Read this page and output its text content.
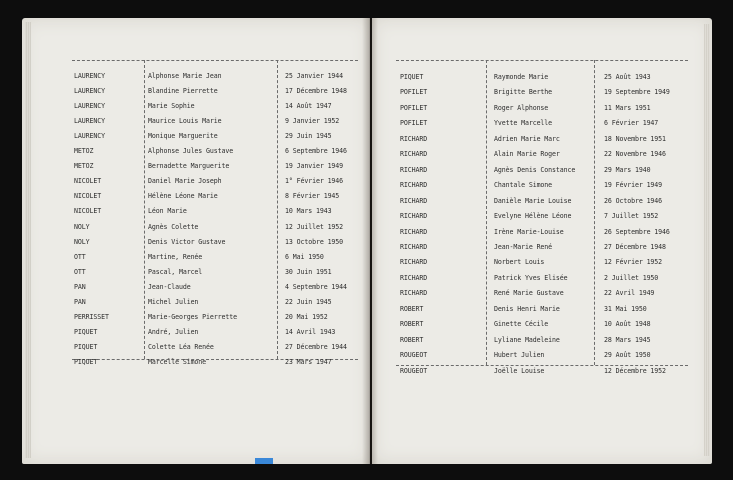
LAURENCY	Alphonse Marie Jean	25 Janvier 1944
LAURENCY	Blandine Pierrette	17 Décembre 1948
LAURENCY	Marie Sophie	14 Août 1947
LAURENCY	Maurice Louis Marie	9 Janvier 1952
LAURENCY	Monique Marguerite	29 Juin 1945
METOZ	Alphonse Jules Gustave	6 Septembre 1946
METOZ	Bernadette Marguerite	19 Janvier 1949
NICOLET	Daniel Marie Joseph	1° Février 1946
NICOLET	Hélène Léone Marie	8 Février 1945
NICOLET	Léon Marie	10 Mars 1943
NOLY	Agnès Colette	12 Juillet 1952
NOLY	Denis Victor Gustave	13 Octobre 1950
OTT	Martine, Renée	6 Mai 1950
OTT	Pascal, Marcel	30 Juin 1951
PAN	Jean-Claude	4 Septembre 1944
PAN	Michel Julien	22 Juin 1945
PERRISSET	Marie-Georges Pierrette	20 Mai 1952
PIQUET	André, Julien	14 Avril 1943
PIQUET	Colette Léa Renée	27 Décembre 1944
PIQUET	Marcelle Simone	23 Mars 1947
PIQUET	Raymonde Marie	25 Août 1943
POFILET	Brigitte Berthe	19 Septembre 1949
POFILET	Roger Alphonse	11 Mars 1951
POFILET	Yvette Marcelle	6 Février 1947
RICHARD	Adrien Marie Marc	18 Novembre 1951
RICHARD	Alain Marie Roger	22 Novembre 1946
RICHARD	Agnès Denis Constance	29 Mars 1940
RICHARD	Chantale Simone	19 Février 1949
RICHARD	Danièle Marie Louise	26 Octobre 1946
RICHARD	Evelyne Hélène Léone	7 Juillet 1952
RICHARD	Irène Marie-Louise	26 Septembre 1946
RICHARD	Jean-Marie René	27 Décembre 1948
RICHARD	Norbert Louis	12 Février 1952
RICHARD	Patrick Yves Elisée	2 Juillet 1950
RICHARD	René Marie Gustave	22 Avril 1949
ROBERT	Denis Henri Marie	31 Mai 1950
ROBERT	Ginette Cécile	10 Août 1948
ROBERT	Lyliane Madeleine	28 Mars 1945
ROUGEOT	Hubert Julien	29 Août 1950
ROUGEOT	Joëlle Louise	12 Décembre 1952
